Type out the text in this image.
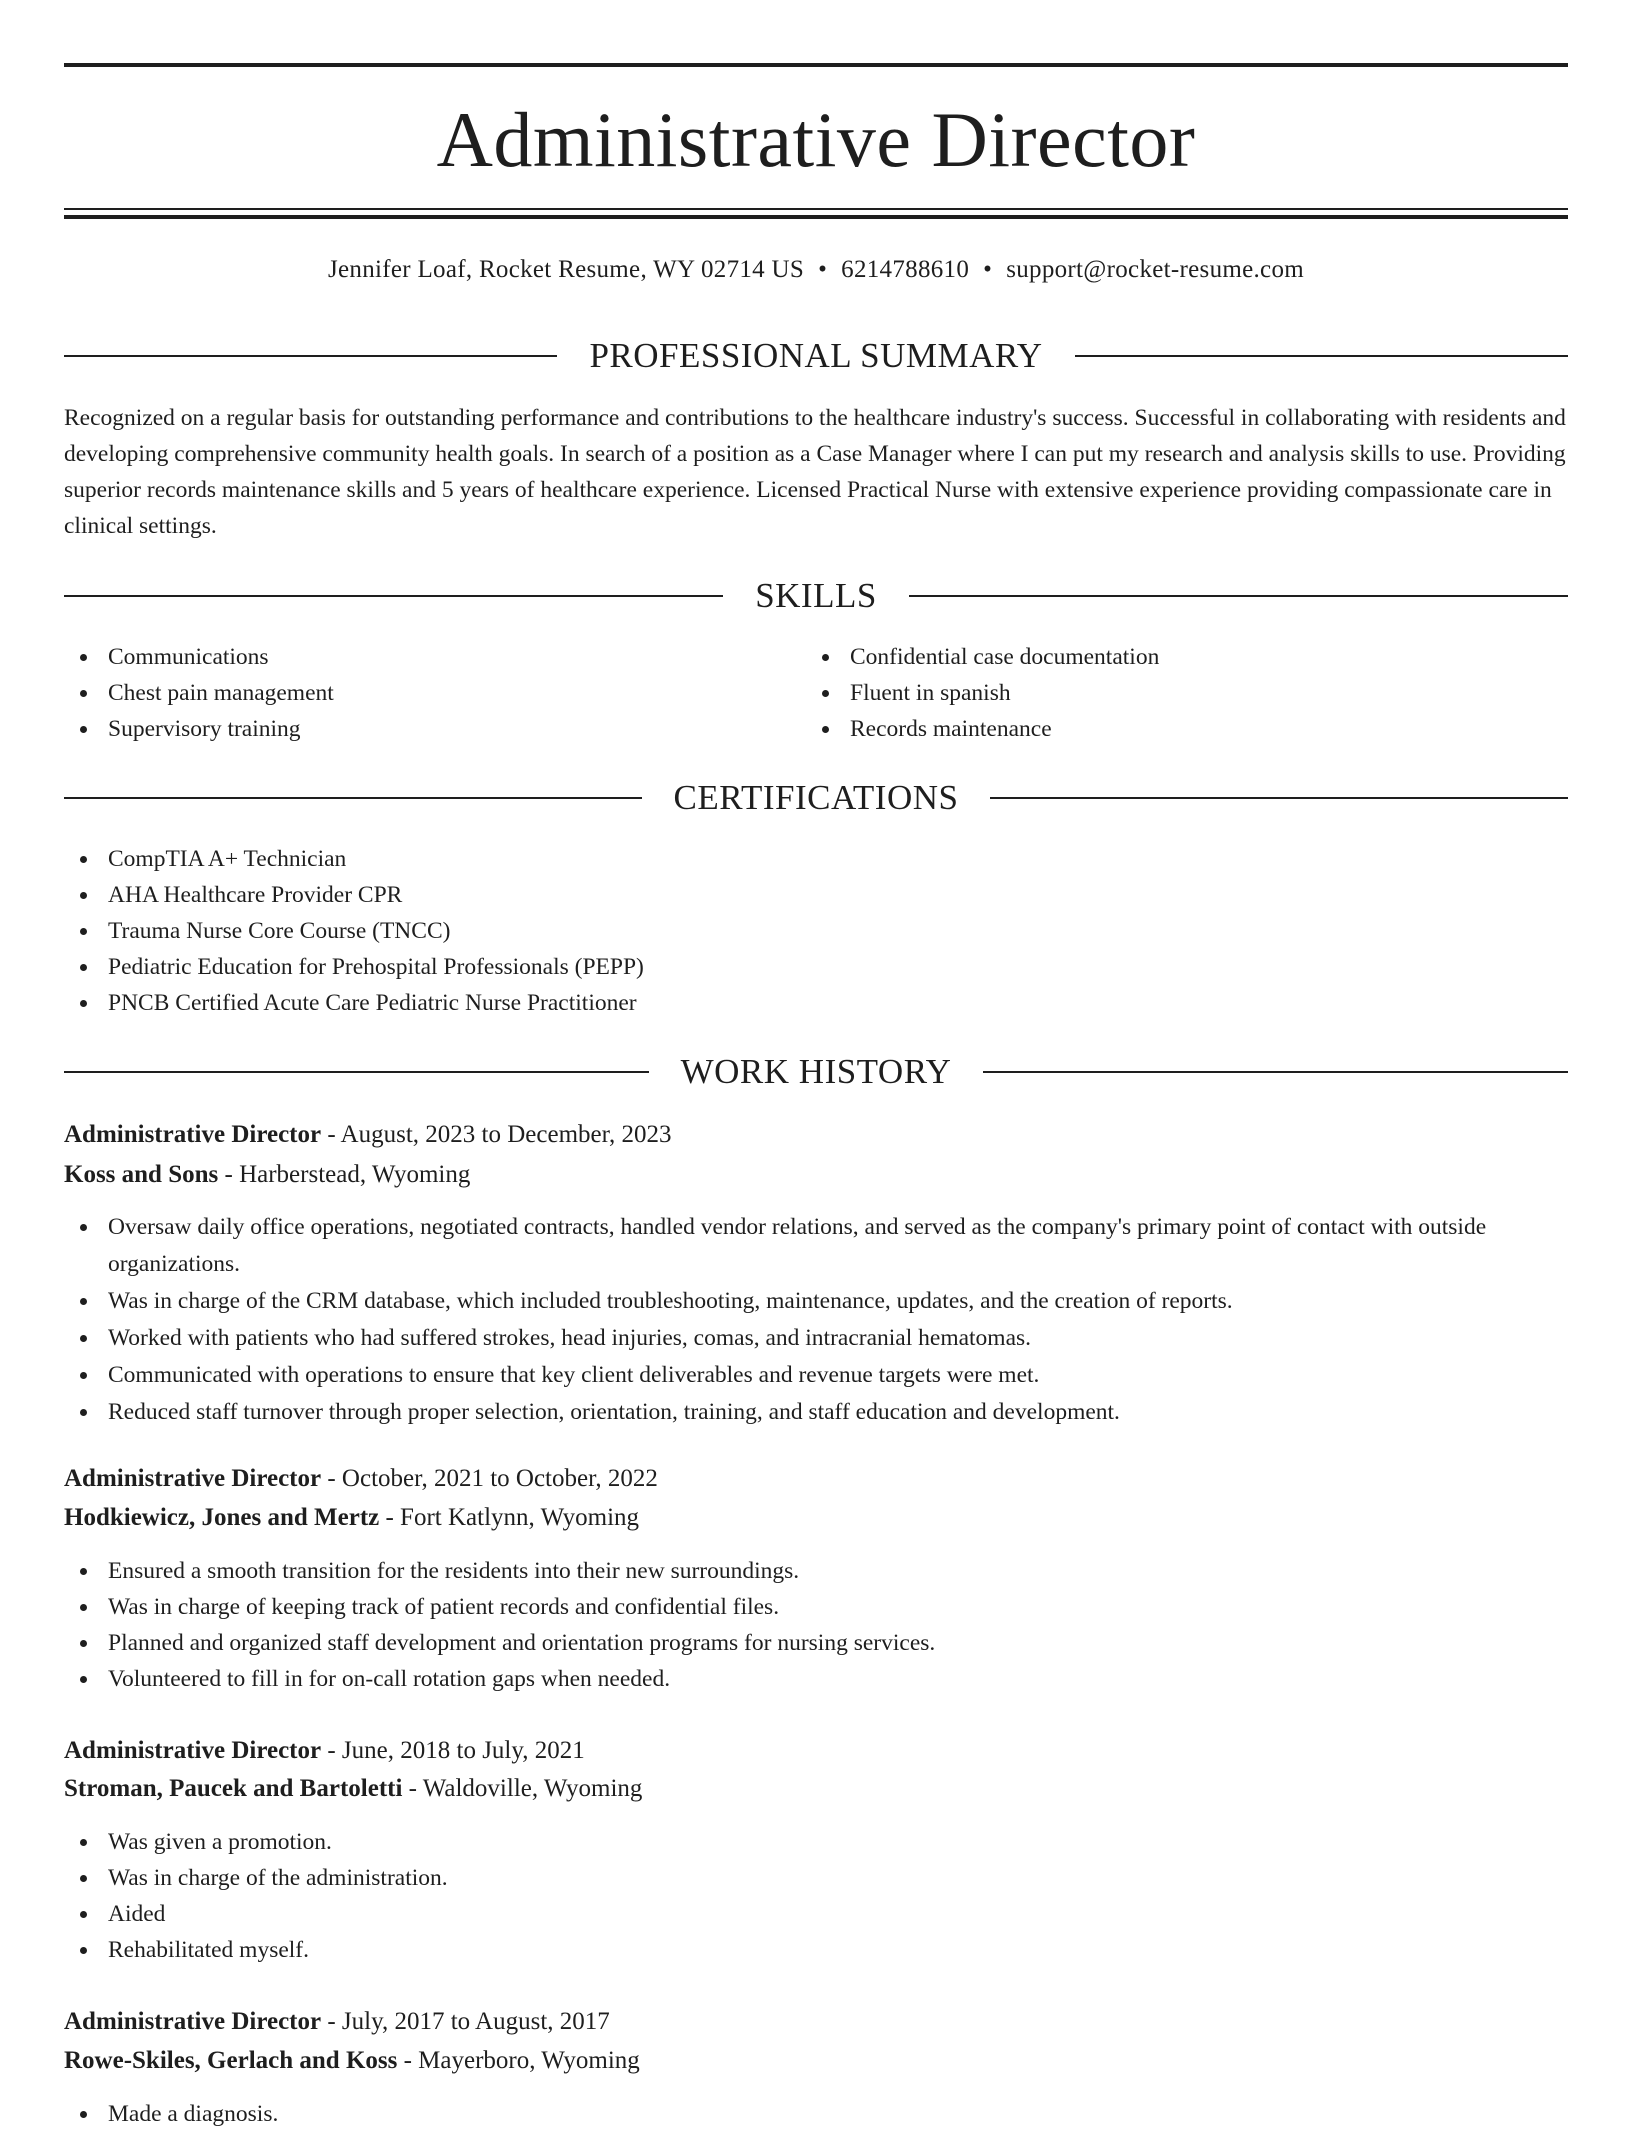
Administrative Director
Jennifer Loaf, Rocket Resume, WY 02714 US • 6214788610 • support@rocket-resume.com
PROFESSIONAL SUMMARY

Recognized on a regular basis for outstanding performance and contributions to the healthcare industry's success. Successful in collaborating with residents and developing comprehensive community health goals. In search of a position as a Case Manager where I can put my research and analysis skills to use. Providing superior records maintenance skills and 5 years of healthcare experience. Licensed Practical Nurse with extensive experience providing compassionate care in clinical settings.

SKILLS
Communications
Chest pain management
Supervisory training
Confidential case documentation
Fluent in spanish
Records maintenance
CERTIFICATIONS
CompTIA A+ Technician
AHA Healthcare Provider CPR
Trauma Nurse Core Course (TNCC)
Pediatric Education for Prehospital Professionals (PEPP)
PNCB Certified Acute Care Pediatric Nurse Practitioner
WORK HISTORY
Administrative Director - August, 2023 to December, 2023
Koss and Sons - Harberstead, Wyoming
Oversaw daily office operations, negotiated contracts, handled vendor relations, and served as the company's primary point of contact with outside organizations.
Was in charge of the CRM database, which included troubleshooting, maintenance, updates, and the creation of reports.
Worked with patients who had suffered strokes, head injuries, comas, and intracranial hematomas.
Communicated with operations to ensure that key client deliverables and revenue targets were met.
Reduced staff turnover through proper selection, orientation, training, and staff education and development.
Administrative Director - October, 2021 to October, 2022
Hodkiewicz, Jones and Mertz - Fort Katlynn, Wyoming
Ensured a smooth transition for the residents into their new surroundings.
Was in charge of keeping track of patient records and confidential files.
Planned and organized staff development and orientation programs for nursing services.
Volunteered to fill in for on-call rotation gaps when needed.
Administrative Director - June, 2018 to July, 2021
Stroman, Paucek and Bartoletti - Waldoville, Wyoming
Was given a promotion.
Was in charge of the administration.
Aided
Rehabilitated myself.
Administrative Director - July, 2017 to August, 2017
Rowe-Skiles, Gerlach and Koss - Mayerboro, Wyoming
Made a diagnosis.
